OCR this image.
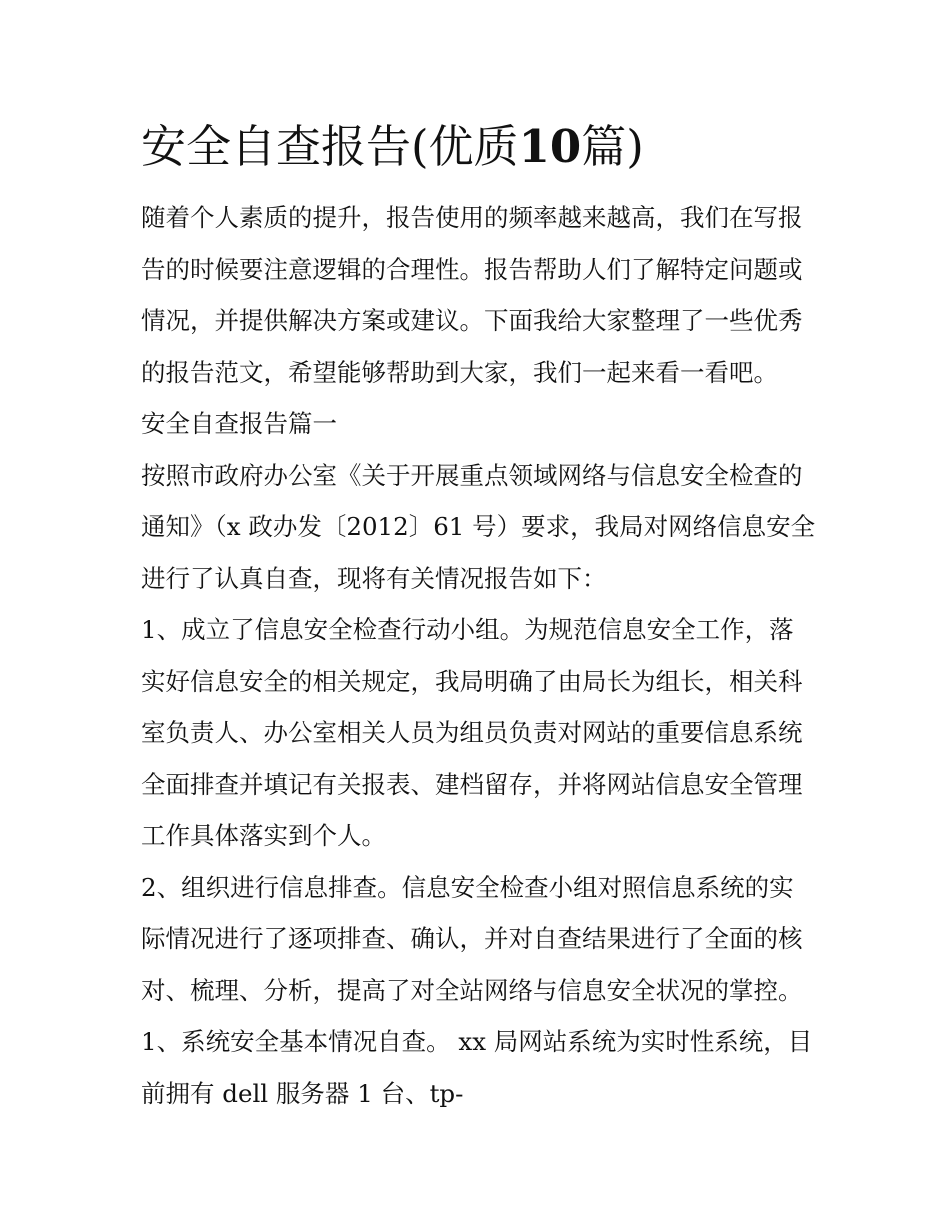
安全自查报告(优质10篇)
随着个人素质的提升，报告使用的频率越来越高，我们在写报
告的时候要注意逻辑的合理性。报告帮助人们了解特定问题或
情况，并提供解决方案或建议。下面我给大家整理了一些优秀
的报告范文，希望能够帮助到大家，我们一起来看一看吧。
安全自查报告篇一
按照市政府办公室《关于开展重点领域网络与信息安全检查的
通知》（x 政办发〔2012〕61 号）要求，我局对网络信息安全
进行了认真自查，现将有关情况报告如下：
1、成立了信息安全检查行动小组。为规范信息安全工作，落
实好信息安全的相关规定，我局明确了由局长为组长，相关科
室负责人、办公室相关人员为组员负责对网站的重要信息系统
全面排查并填记有关报表、建档留存，并将网站信息安全管理
工作具体落实到个人。
2、组织进行信息排查。信息安全检查小组对照信息系统的实
际情况进行了逐项排查、确认，并对自查结果进行了全面的核
对、梳理、分析，提高了对全站网络与信息安全状况的掌控。
1、系统安全基本情况自查。 xx 局网站系统为实时性系统，目
前拥有 dell 服务器 1 台、tp-
